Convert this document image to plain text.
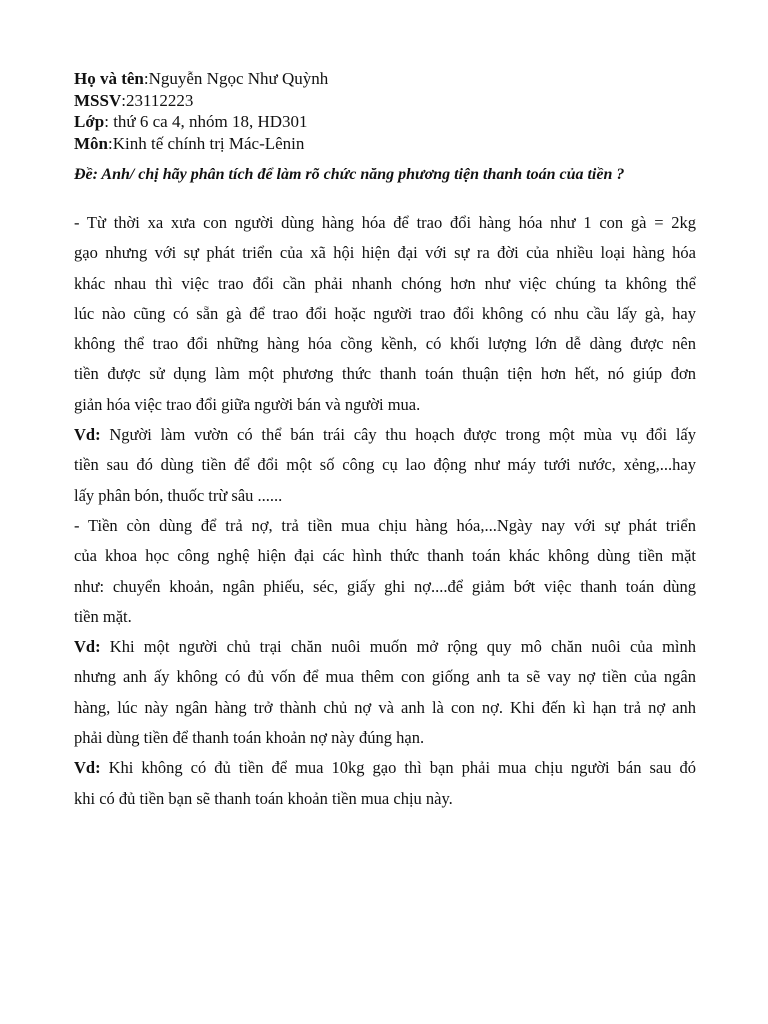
Họ và tên:Nguyễn Ngọc Như Quỳnh
MSSV:23112223
Lớp: thứ 6 ca 4, nhóm 18, HD301
Môn:Kinh tế chính trị Mác-Lênin
Đề: Anh/ chị hãy phân tích để làm rõ chức năng phương tiện thanh toán của tiền ?
- Từ thời xa xưa con người dùng hàng hóa để trao đổi hàng hóa như 1 con gà = 2kg
gạo nhưng với sự phát triển của xã hội hiện đại với sự ra đời của nhiều loại hàng hóa
khác nhau thì việc trao đổi cần phải nhanh chóng hơn như việc chúng ta không thể
lúc nào cũng có sẵn gà để trao đổi hoặc người trao đổi không có nhu cầu lấy gà, hay
không thể trao đổi những hàng hóa cồng kềnh, có khối lượng lớn dễ dàng được nên
tiền được sử dụng làm một phương thức thanh toán thuận tiện hơn hết, nó giúp đơn
giản hóa việc trao đổi giữa người bán và người mua.
Vd: Người làm vườn có thể bán trái cây thu hoạch được trong một mùa vụ đổi lấy
tiền sau đó dùng tiền để đổi một số công cụ lao động như máy tưới nước, xẻng,...hay
lấy phân bón, thuốc trừ sâu ......
- Tiền còn dùng để trả nợ, trả tiền mua chịu hàng hóa,...Ngày nay với sự phát triển
của khoa học công nghệ hiện đại các hình thức thanh toán khác không dùng tiền mặt
như: chuyển khoản, ngân phiếu, séc, giấy ghi nợ....để giảm bớt việc thanh toán dùng
tiền mặt.
Vd: Khi một người chủ trại chăn nuôi muốn mở rộng quy mô chăn nuôi của mình
nhưng anh ấy không có đủ vốn để mua thêm con giống anh ta sẽ vay nợ tiền của ngân
hàng, lúc này ngân hàng trở thành chủ nợ và anh là con nợ. Khi đến kì hạn trả nợ anh
phải dùng tiền để thanh toán khoản nợ này đúng hạn.
Vd: Khi không có đủ tiền để mua 10kg gạo thì bạn phải mua chịu người bán sau đó
khi có đủ tiền bạn sẽ thanh toán khoản tiền mua chịu này.
